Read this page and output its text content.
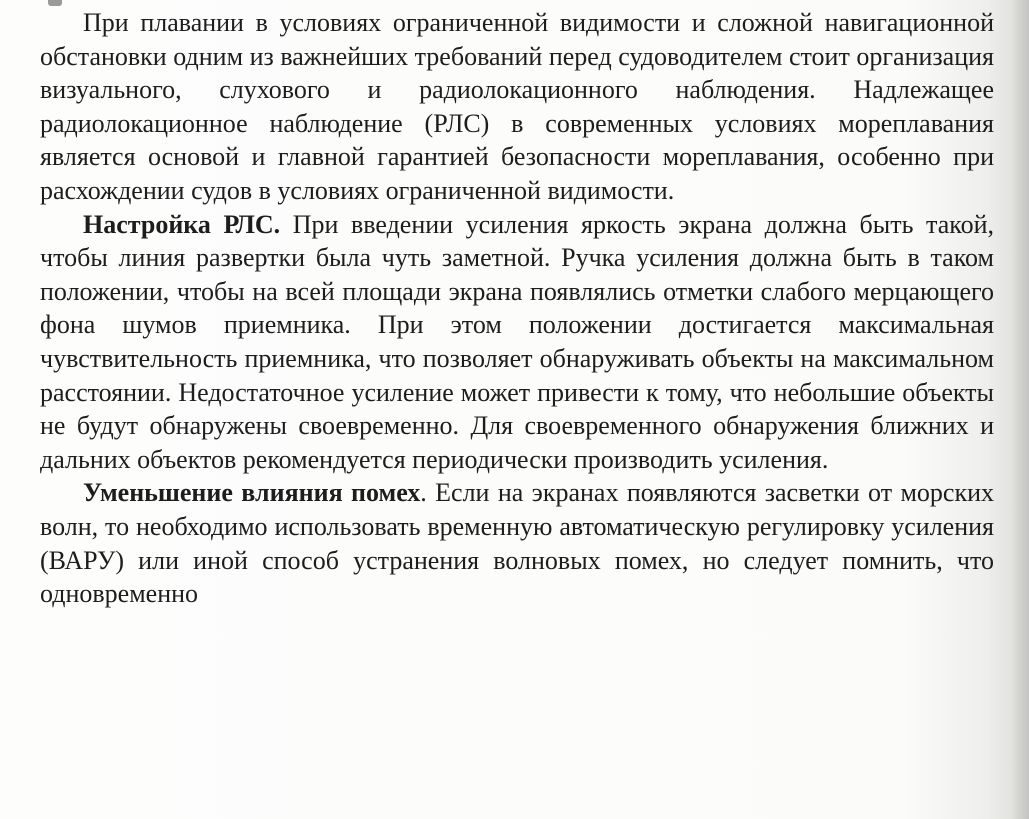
При плавании в условиях ограниченной видимости и сложной навигационной обстановки одним из важнейших требований перед судоводителем стоит организация визуального, слухового и радиолокационного наблюдения. Надлежащее радиолокационное наблюдение (РЛС) в современных условиях мореплавания является основой и главной гарантией безопасности мореплавания, особенно при расхождении судов в условиях ограниченной видимости.

Настройка РЛС. При введении усиления яркость экрана должна быть такой, чтобы линия развертки была чуть заметной. Ручка усиления должна быть в таком положении, чтобы на всей площади экрана появлялись отметки слабого мерцающего фона шумов приемника. При этом положении достигается максимальная чувствительность приемника, что позволяет обнаруживать объекты на максимальном расстоянии. Недостаточное усиление может привести к тому, что небольшие объекты не будут обнаружены своевременно. Для своевременного обнаружения ближних и дальних объектов рекомендуется периодически производить усиления.

Уменьшение влияния помех. Если на экранах появляются засветки от морских волн, то необходимо использовать временную автоматическую регулировку усиления (ВАРУ) или иной способ устранения волновых помех, но следует помнить, что одновременно
